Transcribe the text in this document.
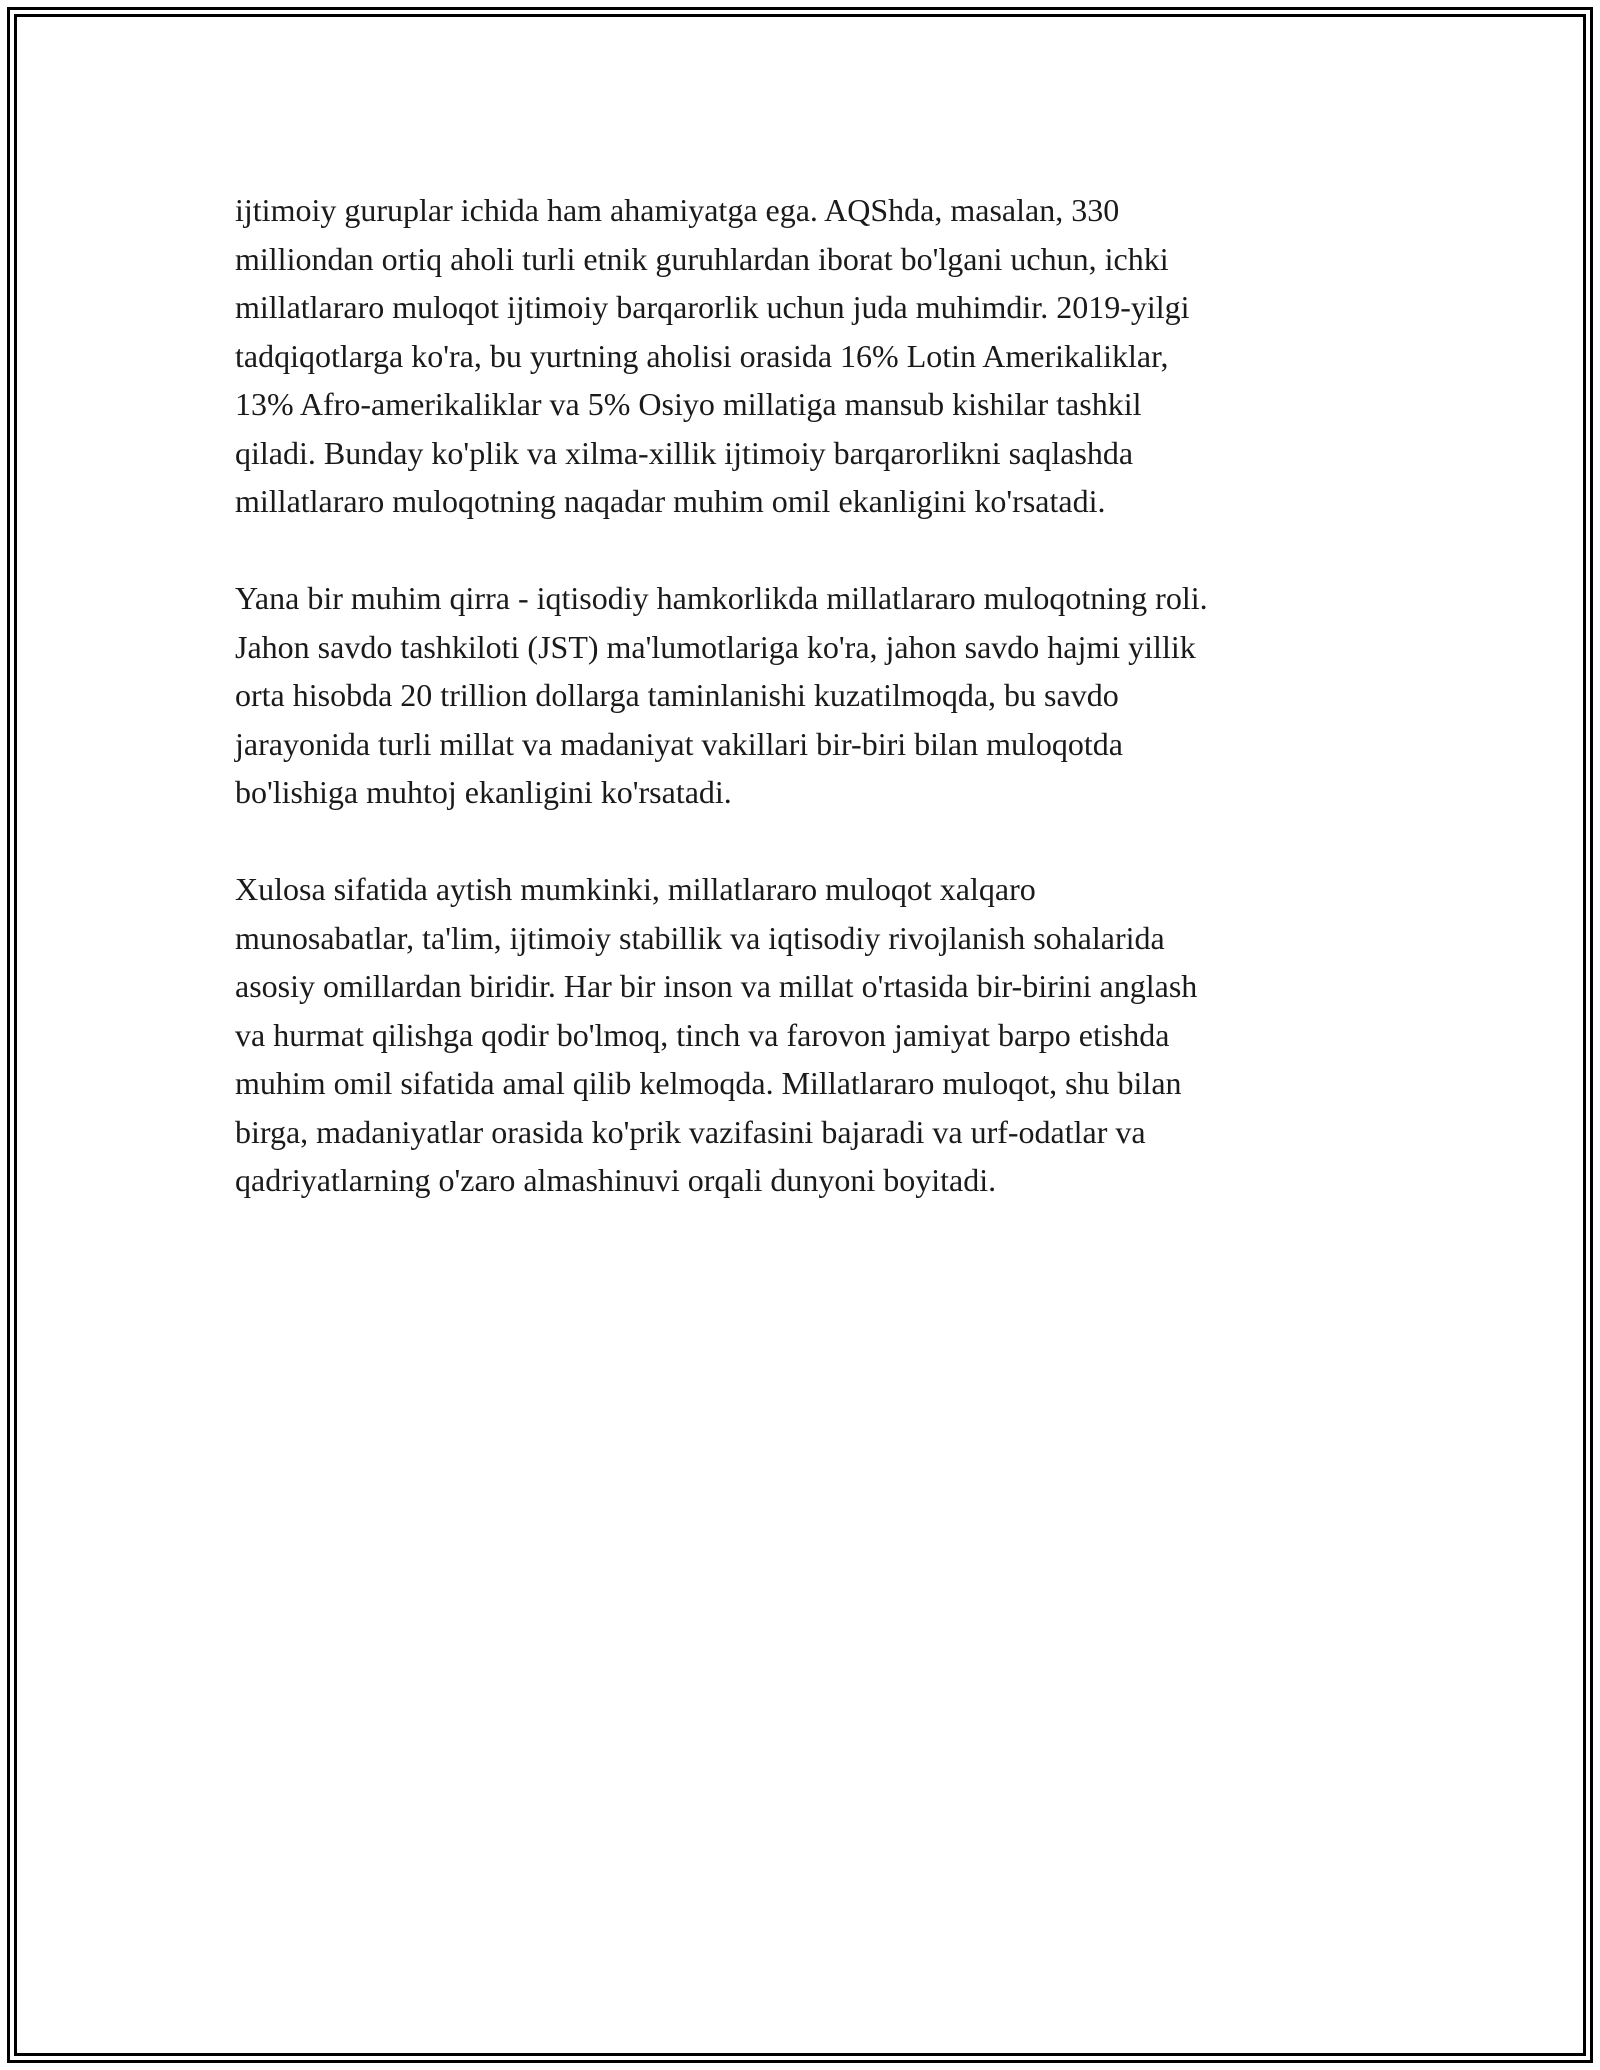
ijtimoiy guruplar ichida ham ahamiyatga ega. AQShda, masalan, 330
milliondan ortiq aholi turli etnik guruhlardan iborat bo'lgani uchun, ichki
millatlararo muloqot ijtimoiy barqarorlik uchun juda muhimdir. 2019-yilgi
tadqiqotlarga ko'ra, bu yurtning aholisi orasida 16% Lotin Amerikaliklar,
13% Afro-amerikaliklar va 5% Osiyo millatiga mansub kishilar tashkil
qiladi. Bunday ko'plik va xilma-xillik ijtimoiy barqarorlikni saqlashda
millatlararo muloqotning naqadar muhim omil ekanligini ko'rsatadi.

Yana bir muhim qirra - iqtisodiy hamkorlikda millatlararo muloqotning roli.
Jahon savdo tashkiloti (JST) ma'lumotlariga ko'ra, jahon savdo hajmi yillik
orta hisobda 20 trillion dollarga taminlanishi kuzatilmoqda, bu savdo
jarayonida turli millat va madaniyat vakillari bir-biri bilan muloqotda
bo'lishiga muhtoj ekanligini ko'rsatadi.

Xulosa sifatida aytish mumkinki, millatlararo muloqot xalqaro
munosabatlar, ta'lim, ijtimoiy stabillik va iqtisodiy rivojlanish sohalarida
asosiy omillardan biridir. Har bir inson va millat o'rtasida bir-birini anglash
va hurmat qilishga qodir bo'lmoq, tinch va farovon jamiyat barpo etishda
muhim omil sifatida amal qilib kelmoqda. Millatlararo muloqot, shu bilan
birga, madaniyatlar orasida ko'prik vazifasini bajaradi va urf-odatlar va
qadriyatlarning o'zaro almashinuvi orqali dunyoni boyitadi.
